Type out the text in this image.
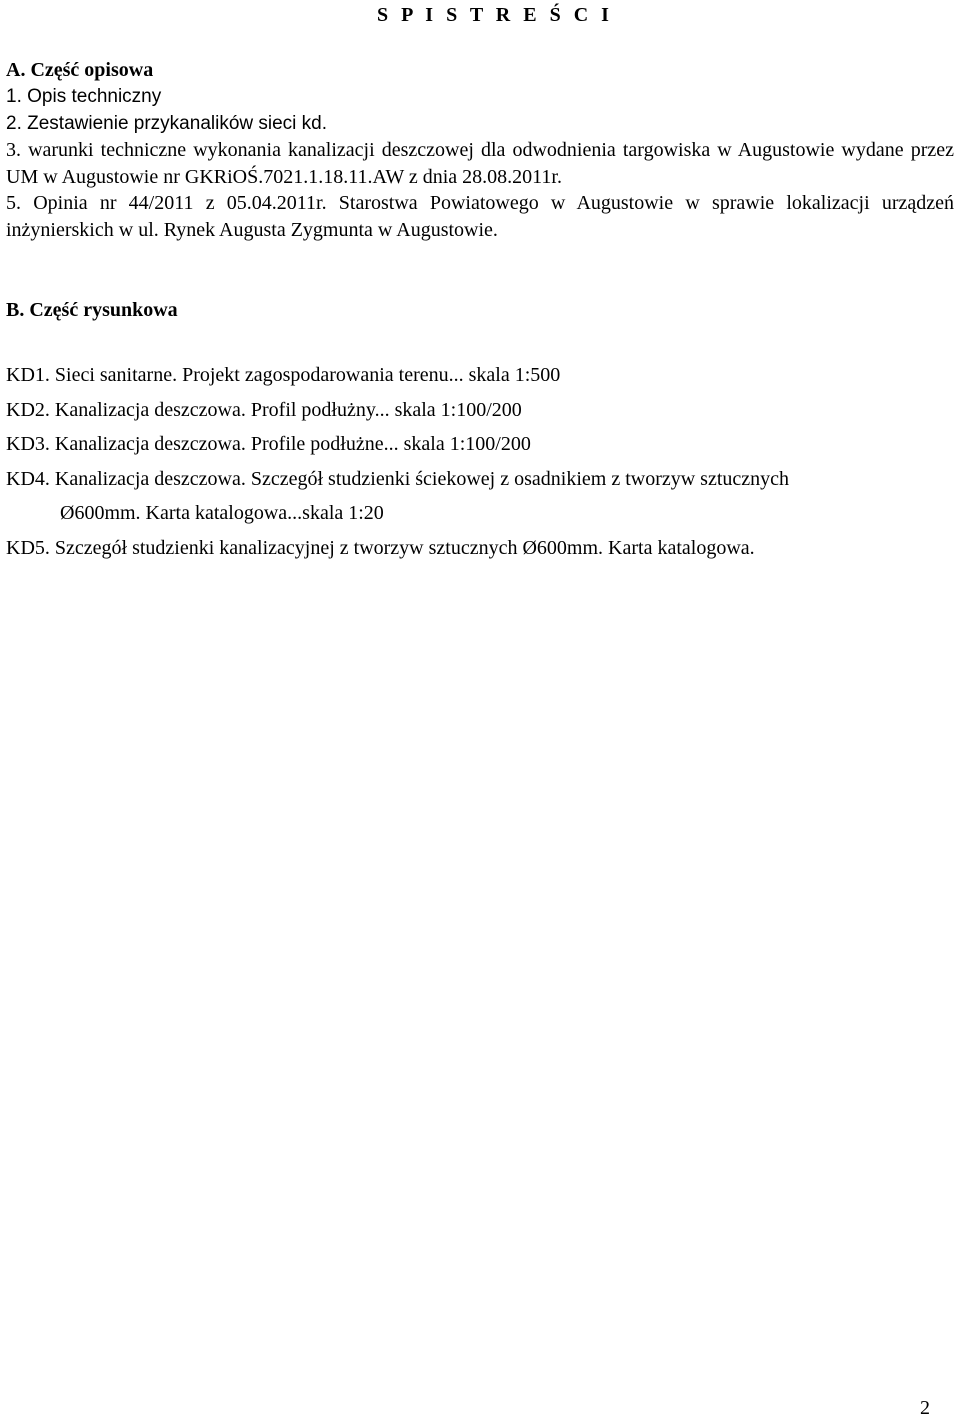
S P I S T R E Ś C I

A. Część opisowa

1. Opis techniczny

2. Zestawienie przykanalików sieci kd.

3. warunki techniczne wykonania kanalizacji deszczowej dla odwodnienia targowiska w Augustowie wydane przez UM w Augustowie nr GKRiOŚ.7021.1.18.11.AW z dnia 28.08.2011r.

5. Opinia nr 44/2011 z 05.04.2011r. Starostwa Powiatowego w Augustowie w sprawie lokalizacji urządzeń inżynierskich w ul. Rynek Augusta Zygmunta w Augustowie.

B. Część rysunkowa

KD1. Sieci sanitarne. Projekt zagospodarowania terenu... skala 1:500

KD2. Kanalizacja deszczowa. Profil podłużny... skala 1:100/200

KD3. Kanalizacja deszczowa. Profile podłużne... skala 1:100/200

KD4. Kanalizacja deszczowa. Szczegół studzienki ściekowej z osadnikiem z tworzyw sztucznych

Ø600mm. Karta katalogowa...skala 1:20

KD5. Szczegół studzienki kanalizacyjnej z tworzyw sztucznych Ø600mm. Karta katalogowa.

2
